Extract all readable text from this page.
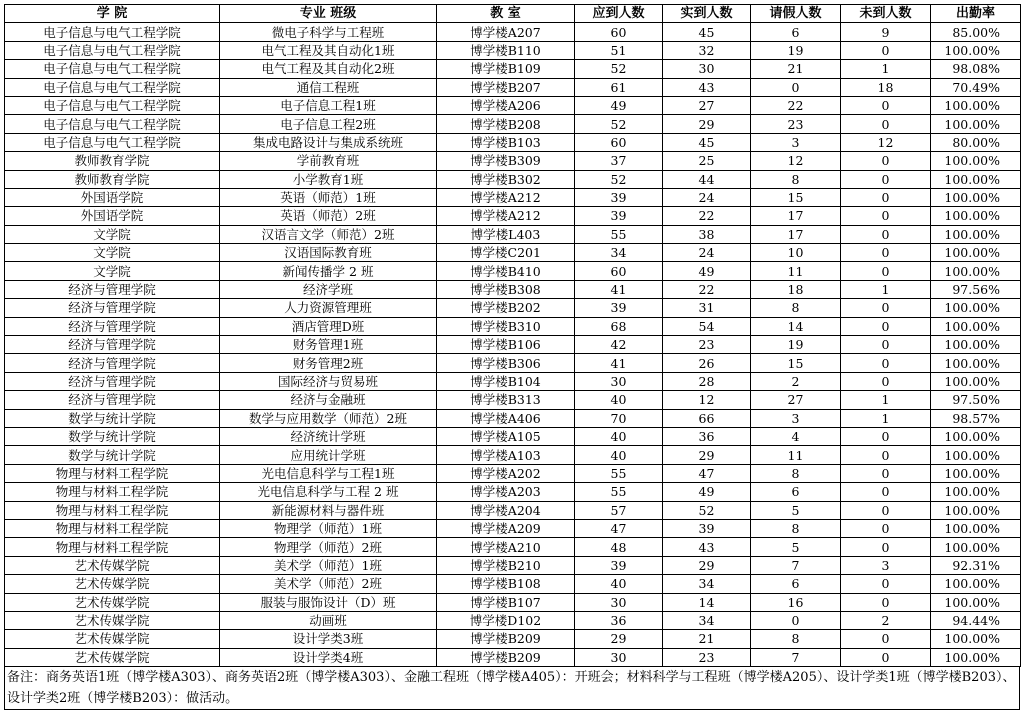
学 院	专业 班级	教 室	应到人数	实到人数	请假人数	未到人数	出勤率
电子信息与电气工程学院	微电子科学与工程班	博学楼A207	60	45	6	9	85.00%
电子信息与电气工程学院	电气工程及其自动化1班	博学楼B110	51	32	19	0	100.00%
电子信息与电气工程学院	电气工程及其自动化2班	博学楼B109	52	30	21	1	98.08%
电子信息与电气工程学院	通信工程班	博学楼B207	61	43	0	18	70.49%
电子信息与电气工程学院	电子信息工程1班	博学楼A206	49	27	22	0	100.00%
电子信息与电气工程学院	电子信息工程2班	博学楼B208	52	29	23	0	100.00%
电子信息与电气工程学院	集成电路设计与集成系统班	博学楼B103	60	45	3	12	80.00%
教师教育学院	学前教育班	博学楼B309	37	25	12	0	100.00%
教师教育学院	小学教育1班	博学楼B302	52	44	8	0	100.00%
外国语学院	英语（师范）1班	博学楼A212	39	24	15	0	100.00%
外国语学院	英语（师范）2班	博学楼A212	39	22	17	0	100.00%
文学院	汉语言文学（师范）2班	博学楼L403	55	38	17	0	100.00%
文学院	汉语国际教育班	博学楼C201	34	24	10	0	100.00%
文学院	新闻传播学 2 班	博学楼B410	60	49	11	0	100.00%
经济与管理学院	经济学班	博学楼B308	41	22	18	1	97.56%
经济与管理学院	人力资源管理班	博学楼B202	39	31	8	0	100.00%
经济与管理学院	酒店管理D班	博学楼B310	68	54	14	0	100.00%
经济与管理学院	财务管理1班	博学楼B106	42	23	19	0	100.00%
经济与管理学院	财务管理2班	博学楼B306	41	26	15	0	100.00%
经济与管理学院	国际经济与贸易班	博学楼B104	30	28	2	0	100.00%
经济与管理学院	经济与金融班	博学楼B313	40	12	27	1	97.50%
数学与统计学院	数学与应用数学（师范）2班	博学楼A406	70	66	3	1	98.57%
数学与统计学院	经济统计学班	博学楼A105	40	36	4	0	100.00%
数学与统计学院	应用统计学班	博学楼A103	40	29	11	0	100.00%
物理与材料工程学院	光电信息科学与工程1班	博学楼A202	55	47	8	0	100.00%
物理与材料工程学院	光电信息科学与工程 2 班	博学楼A203	55	49	6	0	100.00%
物理与材料工程学院	新能源材料与器件班	博学楼A204	57	52	5	0	100.00%
物理与材料工程学院	物理学（师范）1班	博学楼A209	47	39	8	0	100.00%
物理与材料工程学院	物理学（师范）2班	博学楼A210	48	43	5	0	100.00%
艺术传媒学院	美术学（师范）1班	博学楼B210	39	29	7	3	92.31%
艺术传媒学院	美术学（师范）2班	博学楼B108	40	34	6	0	100.00%
艺术传媒学院	服装与服饰设计（D）班	博学楼B107	30	14	16	0	100.00%
艺术传媒学院	动画班	博学楼D102	36	34	0	2	94.44%
艺术传媒学院	设计学类3班	博学楼B209	29	21	8	0	100.00%
艺术传媒学院	设计学类4班	博学楼B209	30	23	7	0	100.00%
备注：商务英语1班（博学楼A303）、商务英语2班（博学楼A303）、金融工程班（博学楼A405）：开班会；材料科学与工程班（博学楼A205）、设计学类1班（博学楼B203）、设计学类2班（博学楼B203）：做活动。
